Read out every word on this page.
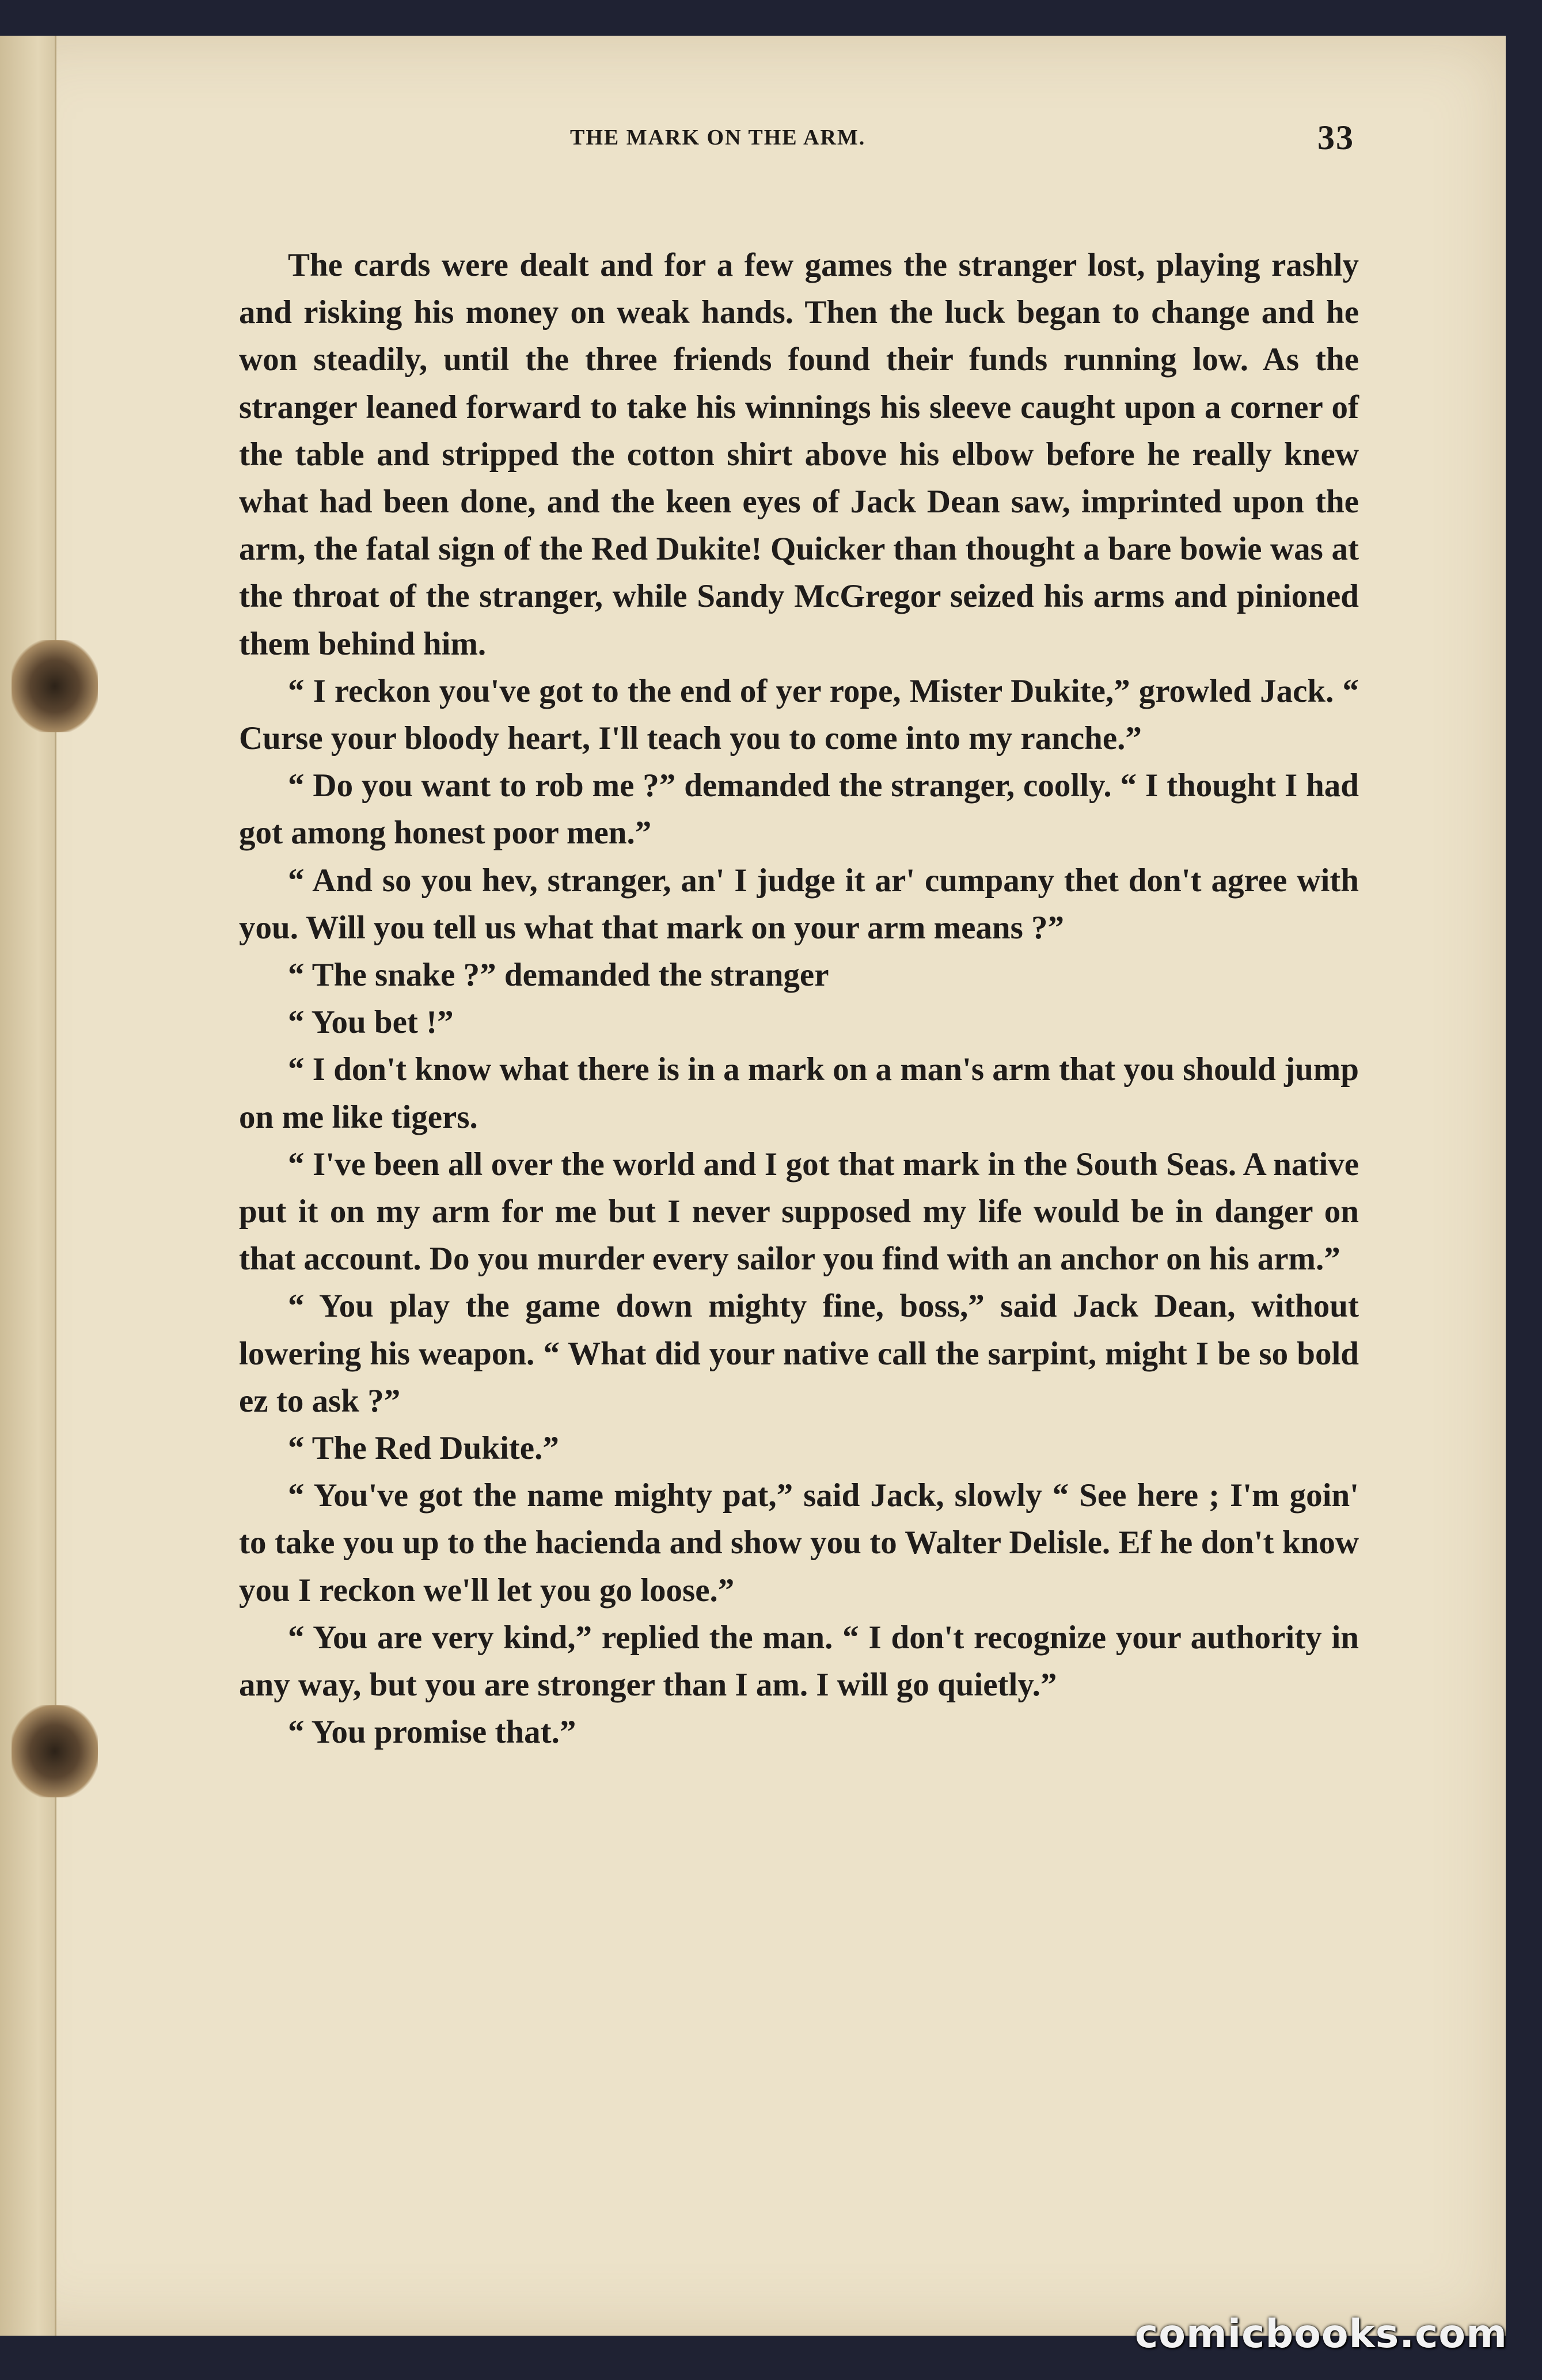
THE MARK ON THE ARM.	33

The cards were dealt and for a few games the stranger lost, playing rashly and risking his money on weak hands. Then the luck began to change and he won steadily, until the three friends found their funds running low. As the stranger leaned forward to take his winnings his sleeve caught upon a corner of the table and stripped the cotton shirt above his elbow before he really knew what had been done, and the keen eyes of Jack Dean saw, imprinted upon the arm, the fatal sign of the Red Dukite! Quicker than thought a bare bowie was at the throat of the stranger, while Sandy McGregor seized his arms and pinioned them behind him.

“ I reckon you've got to the end of yer rope, Mister Dukite,” growled Jack. “ Curse your bloody heart, I'll teach you to come into my ranche.”

“ Do you want to rob me ?” demanded the stranger, coolly. “ I thought I had got among honest poor men.”

“ And so you hev, stranger, an' I judge it ar' cumpany thet don't agree with you. Will you tell us what that mark on your arm means ?”

“ The snake ?” demanded the stranger

“ You bet !”

“ I don't know what there is in a mark on a man's arm that you should jump on me like tigers.

“ I've been all over the world and I got that mark in the South Seas. A native put it on my arm for me but I never supposed my life would be in danger on that account. Do you murder every sailor you find with an anchor on his arm.”

“ You play the game down mighty fine, boss,” said Jack Dean, without lowering his weapon. “ What did your native call the sarpint, might I be so bold ez to ask ?”

“ The Red Dukite.”

“ You've got the name mighty pat,” said Jack, slowly “ See here ; I'm goin' to take you up to the hacienda and show you to Walter Delisle. Ef he don't know you I reckon we'll let you go loose.”

“ You are very kind,” replied the man. “ I don't recognize your authority in any way, but you are stronger than I am. I will go quietly.”

“ You promise that.”

comicbooks.com
